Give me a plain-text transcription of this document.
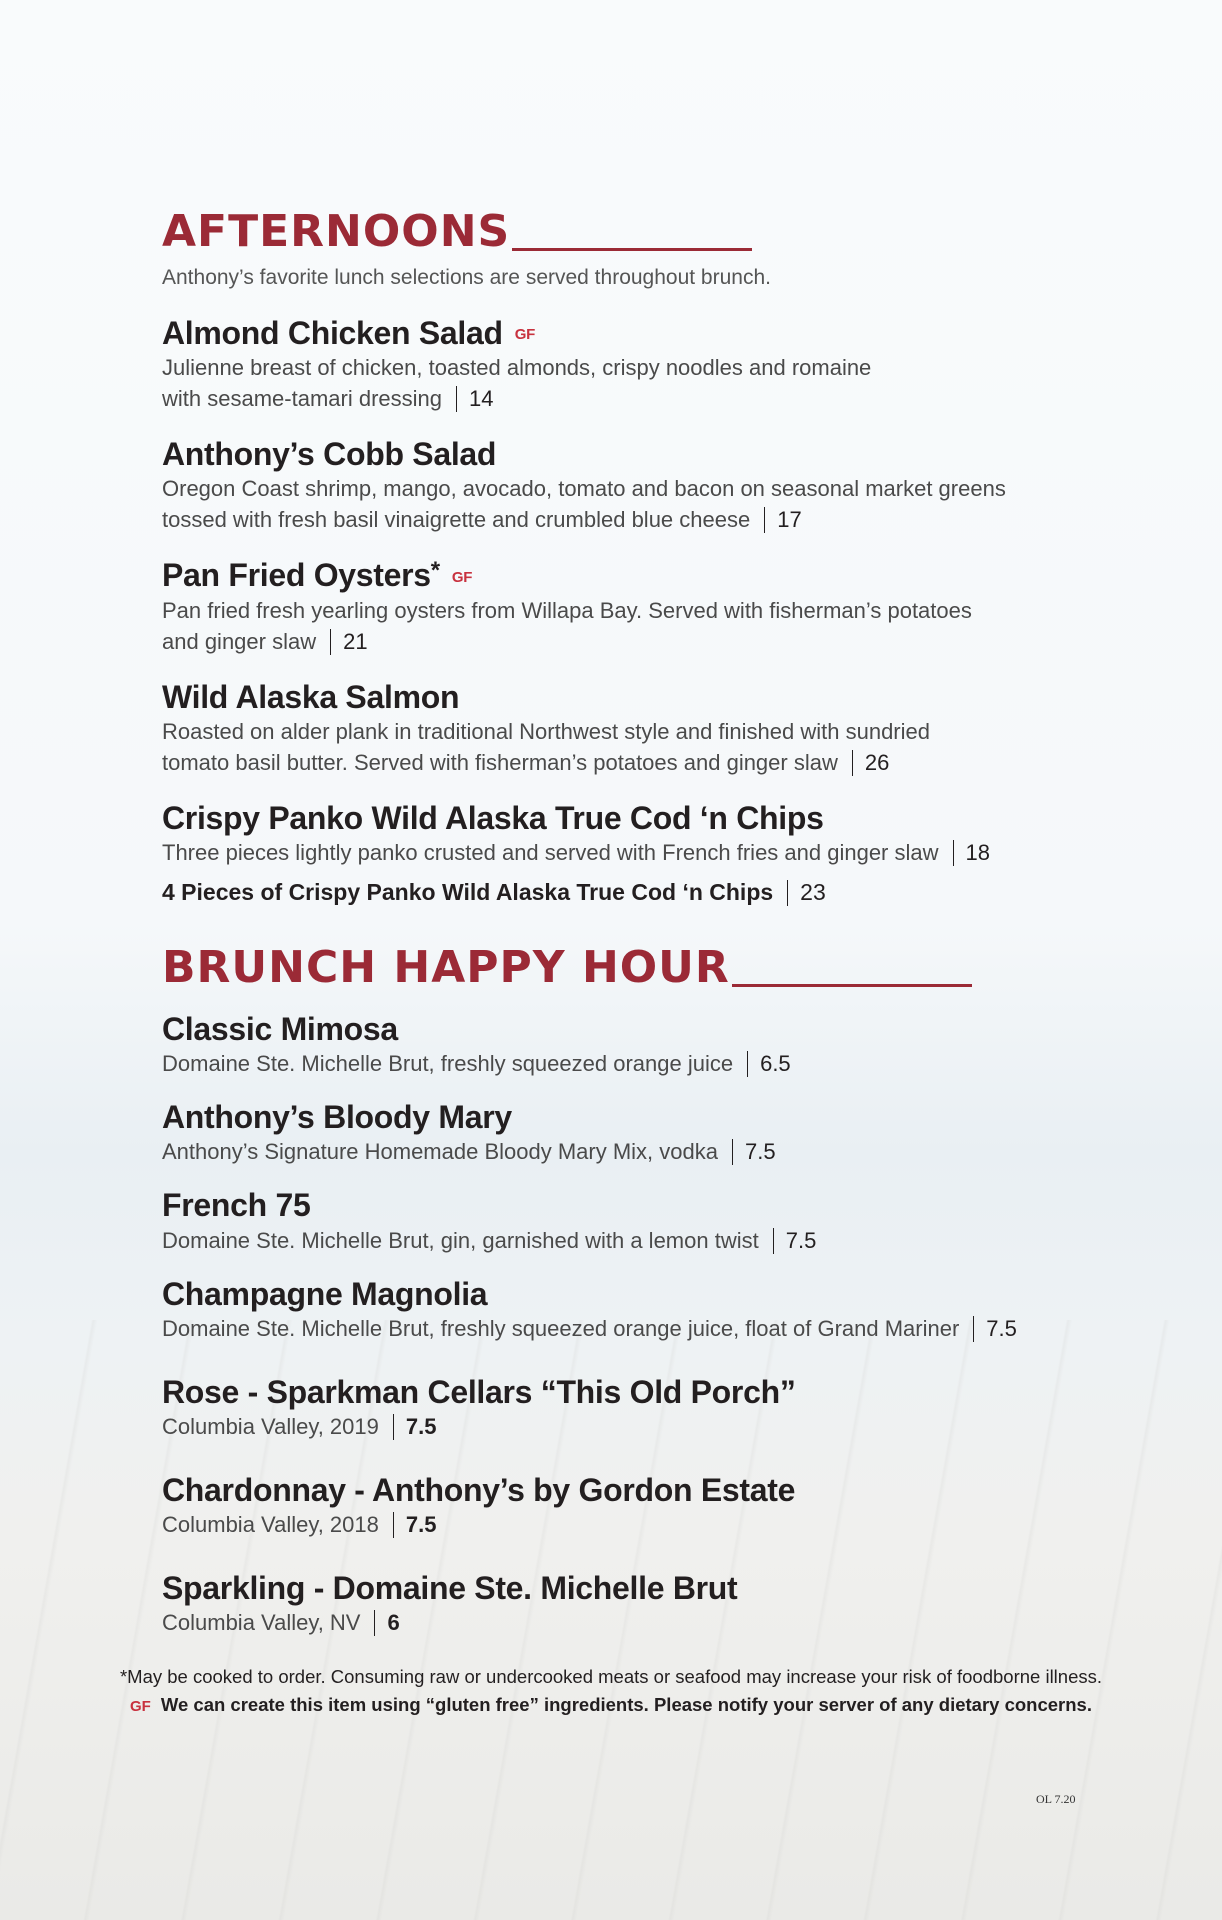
AFTERNOONS
Anthony’s favorite lunch selections are served throughout brunch.
Almond Chicken Salad GF
Julienne breast of chicken, toasted almonds, crispy noodles and romaine
with sesame-tamari dressing 14
Anthony’s Cobb Salad
Oregon Coast shrimp, mango, avocado, tomato and bacon on seasonal market greens
tossed with fresh basil vinaigrette and crumbled blue cheese 17
Pan Fried Oysters* GF
Pan fried fresh yearling oysters from Willapa Bay. Served with fisherman’s potatoes
and ginger slaw 21
Wild Alaska Salmon
Roasted on alder plank in traditional Northwest style and finished with sundried
tomato basil butter. Served with fisherman’s potatoes and ginger slaw 26
Crispy Panko Wild Alaska True Cod ‘n Chips
Three pieces lightly panko crusted and served with French fries and ginger slaw 18
4 Pieces of Crispy Panko Wild Alaska True Cod ‘n Chips 23
BRUNCH HAPPY HOUR
Classic Mimosa
Domaine Ste. Michelle Brut, freshly squeezed orange juice 6.5
Anthony’s Bloody Mary
Anthony’s Signature Homemade Bloody Mary Mix, vodka 7.5
French 75
Domaine Ste. Michelle Brut, gin, garnished with a lemon twist 7.5
Champagne Magnolia
Domaine Ste. Michelle Brut, freshly squeezed orange juice, float of Grand Mariner 7.5
Rose - Sparkman Cellars “This Old Porch”
Columbia Valley, 2019 7.5
Chardonnay - Anthony’s by Gordon Estate
Columbia Valley, 2018 7.5
Sparkling - Domaine Ste. Michelle Brut
Columbia Valley, NV 6
*May be cooked to order. Consuming raw or undercooked meats or seafood may increase your risk of foodborne illness.
GF We can create this item using “gluten free” ingredients. Please notify your server of any dietary concerns.
OL 7.20
